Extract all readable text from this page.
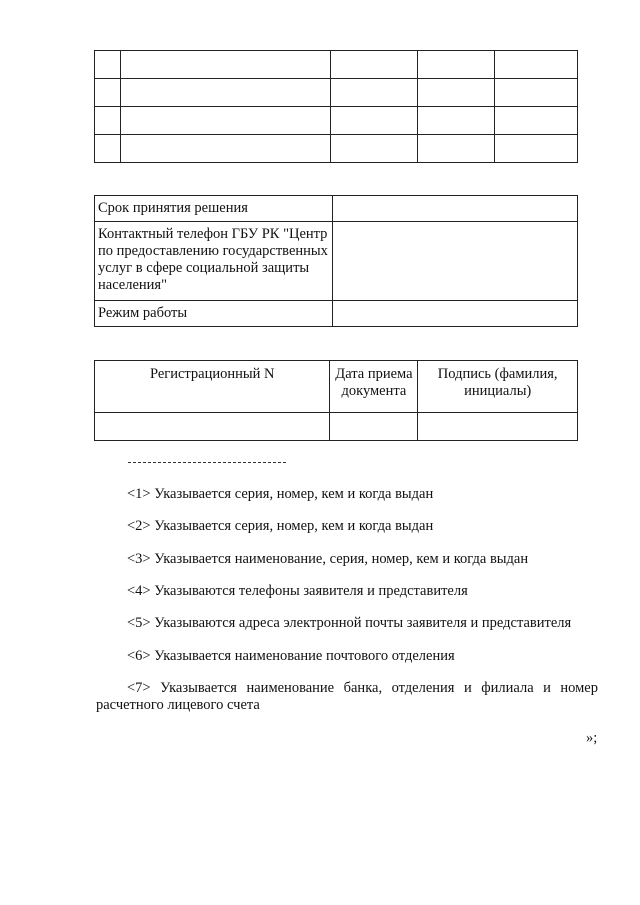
Срок принятия решения	
Контактный телефон ГБУ РК "Центр по предоставлению государственных услуг в сфере социальной защиты населения"	
Режим работы	
Регистрационный N	Дата приема документа	Подпись (фамилия, инициалы)

<1> Указывается серия, номер, кем и когда выдан

<2> Указывается серия, номер, кем и когда выдан

<3> Указывается наименование, серия, номер, кем и когда выдан

<4> Указываются телефоны заявителя и представителя

<5> Указываются адреса электронной почты заявителя и представителя

<6> Указывается наименование почтового отделения

<7> Указывается наименование банка, отделения и филиала и номер расчетного лицевого счета

»;
